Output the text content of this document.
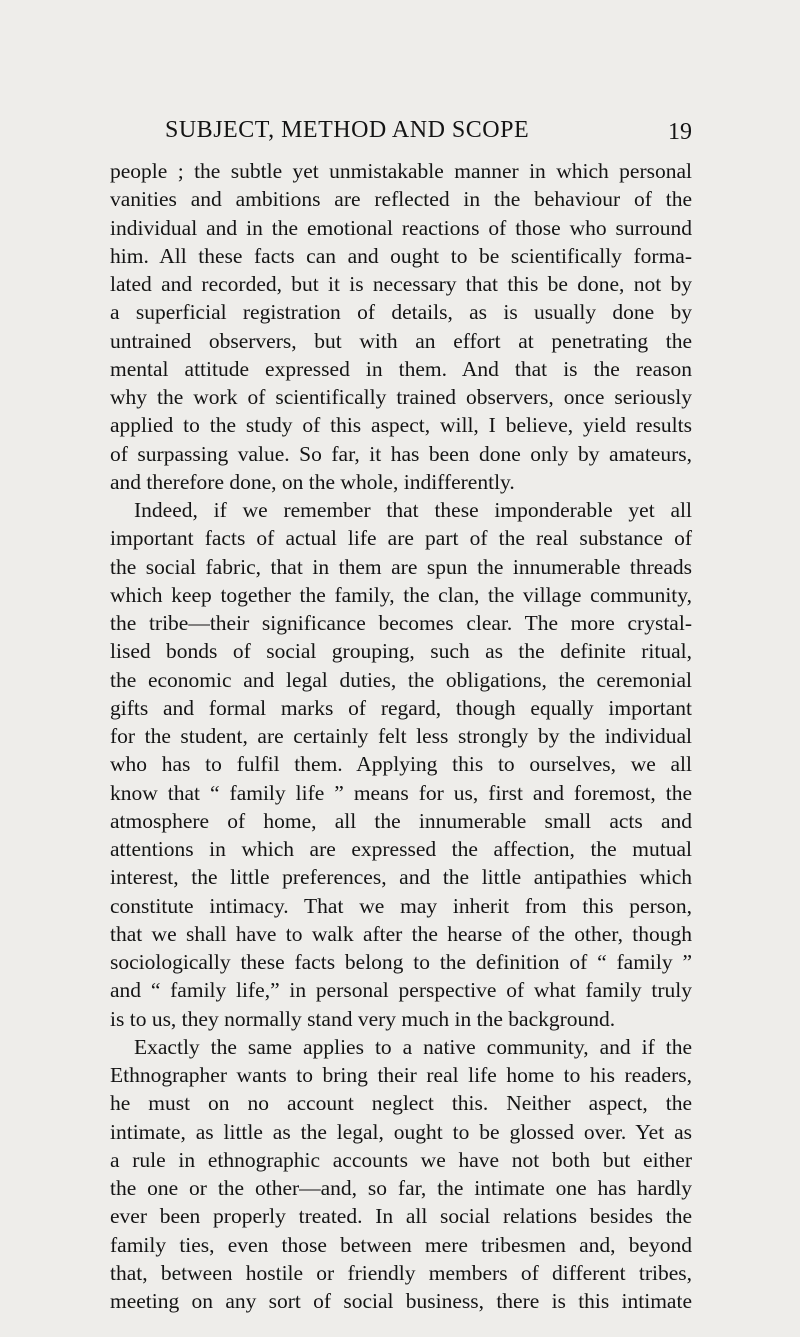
SUBJECT, METHOD AND SCOPE	19
people ; the subtle yet unmistakable manner in which personal
vanities and ambitions are reflected in the behaviour of the
individual and in the emotional reactions of those who surround
him. All these facts can and ought to be scientifically forma-
lated and recorded, but it is necessary that this be done, not by
a superficial registration of details, as is usually done by
untrained observers, but with an effort at penetrating the
mental attitude expressed in them. And that is the reason
why the work of scientifically trained observers, once seriously
applied to the study of this aspect, will, I believe, yield results
of surpassing value. So far, it has been done only by amateurs,
and therefore done, on the whole, indifferently.
Indeed, if we remember that these imponderable yet all
important facts of actual life are part of the real substance of
the social fabric, that in them are spun the innumerable threads
which keep together the family, the clan, the village community,
the tribe—their significance becomes clear. The more crystal-
lised bonds of social grouping, such as the definite ritual,
the economic and legal duties, the obligations, the ceremonial
gifts and formal marks of regard, though equally important
for the student, are certainly felt less strongly by the individual
who has to fulfil them. Applying this to ourselves, we all
know that “ family life ” means for us, first and foremost, the
atmosphere of home, all the innumerable small acts and
attentions in which are expressed the affection, the mutual
interest, the little preferences, and the little antipathies which
constitute intimacy. That we may inherit from this person,
that we shall have to walk after the hearse of the other, though
sociologically these facts belong to the definition of “ family ”
and “ family life,” in personal perspective of what family truly
is to us, they normally stand very much in the background.
Exactly the same applies to a native community, and if the
Ethnographer wants to bring their real life home to his readers,
he must on no account neglect this. Neither aspect, the
intimate, as little as the legal, ought to be glossed over. Yet as
a rule in ethnographic accounts we have not both but either
the one or the other—and, so far, the intimate one has hardly
ever been properly treated. In all social relations besides the
family ties, even those between mere tribesmen and, beyond
that, between hostile or friendly members of different tribes,
meeting on any sort of social business, there is this intimate
